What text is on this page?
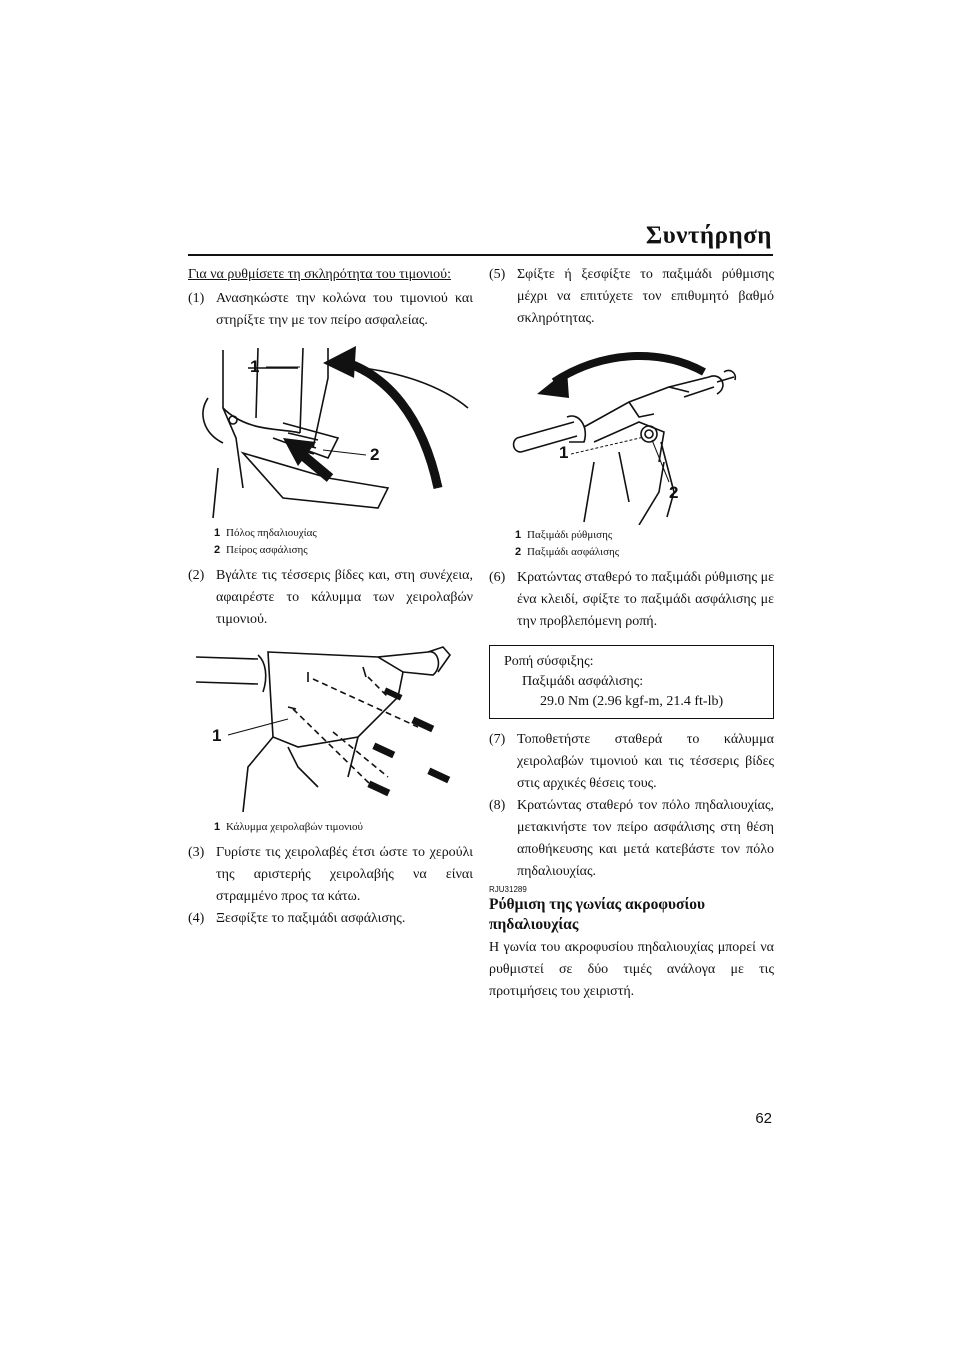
Συντήρηση

Για να ρυθμίσετε τη σκληρότητα του τιμονιού:

(1) Ανασηκώστε την κολώνα του τιμονιού και στηρίξτε την με τον πείρο ασφαλείας.
1
2
1 Πόλος πηδαλιουχίας
2 Πείρος ασφάλισης
(2) Βγάλτε τις τέσσερις βίδες και, στη συνέχεια, αφαιρέστε το κάλυμμα των χειρολαβών τιμονιού.
1
1 Κάλυμμα χειρολαβών τιμονιού
(3) Γυρίστε τις χειρολαβές έτσι ώστε το χερούλι της αριστερής χειρολαβής να είναι στραμμένο προς τα κάτω.
(4) Ξεσφίξτε το παξιμάδι ασφάλισης.
(5) Σφίξτε ή ξεσφίξτε το παξιμάδι ρύθμισης μέχρι να επιτύχετε τον επιθυμητό βαθμό σκληρότητας.
1
2
1 Παξιμάδι ρύθμισης
2 Παξιμάδι ασφάλισης
(6) Κρατώντας σταθερό το παξιμάδι ρύθμισης με ένα κλειδί, σφίξτε το παξιμάδι ασφάλισης με την προβλεπόμενη ροπή.
Ροπή σύσφιξης:
Παξιμάδι ασφάλισης:
29.0 Nm (2.96 kgf-m, 21.4 ft-lb)
(7) Τοποθετήστε σταθερά το κάλυμμα χειρολαβών τιμονιού και τις τέσσερις βίδες στις αρχικές θέσεις τους.
(8) Κρατώντας σταθερό τον πόλο πηδαλιουχίας, μετακινήστε τον πείρο ασφάλισης στη θέση αποθήκευσης και μετά κατεβάστε τον πόλο πηδαλιουχίας.
RJU31289
Ρύθμιση της γωνίας ακροφυσίου πηδαλιουχίας

Η γωνία του ακροφυσίου πηδαλιουχίας μπορεί να ρυθμιστεί σε δύο τιμές ανάλογα με τις προτιμήσεις του χειριστή.

62
